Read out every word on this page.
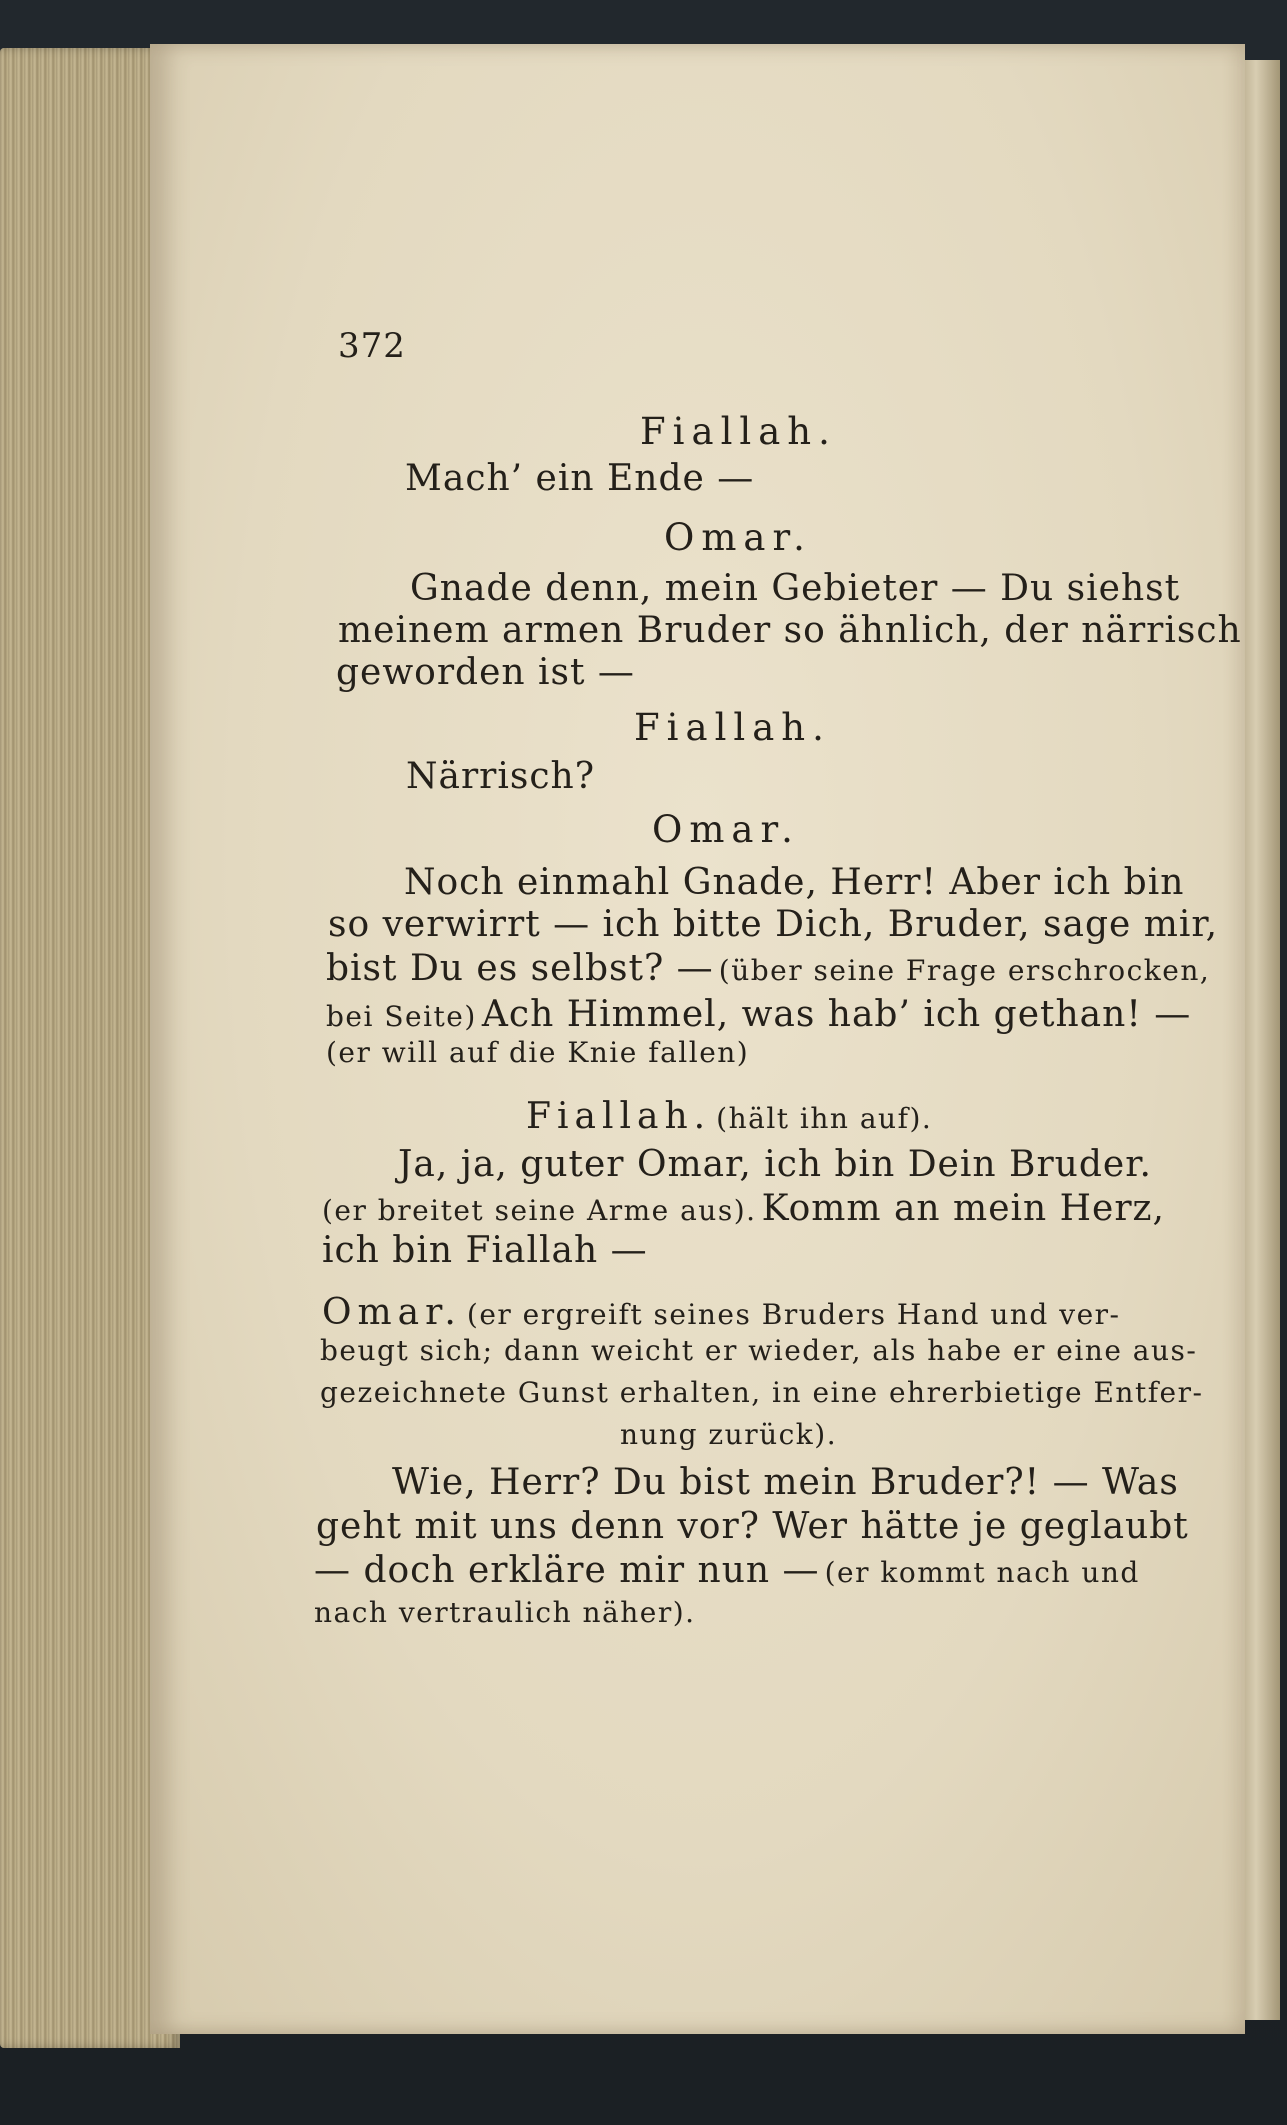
372
Fiallah.
Mach’ ein Ende —
Omar.
Gnade denn, mein Gebieter — Du siehst
meinem armen Bruder so ähnlich, der närrisch
geworden ist —
Fiallah.
Närrisch?
Omar.
Noch einmahl Gnade, Herr! Aber ich bin
so verwirrt — ich bitte Dich, Bruder, sage mir,
bist Du es selbst? — (über seine Frage erschrocken,
bei Seite) Ach Himmel, was hab’ ich gethan! —
(er will auf die Knie fallen)
Fiallah. (hält ihn auf).
Ja, ja, guter Omar, ich bin Dein Bruder.
(er breitet seine Arme aus). Komm an mein Herz,
ich bin Fiallah —
Omar. (er ergreift seines Bruders Hand und ver-
beugt sich; dann weicht er wieder, als habe er eine aus-
gezeichnete Gunst erhalten, in eine ehrerbietige Entfer-
nung zurück).
Wie, Herr? Du bist mein Bruder?! — Was
geht mit uns denn vor? Wer hätte je geglaubt
— doch erkläre mir nun — (er kommt nach und
nach vertraulich näher).
